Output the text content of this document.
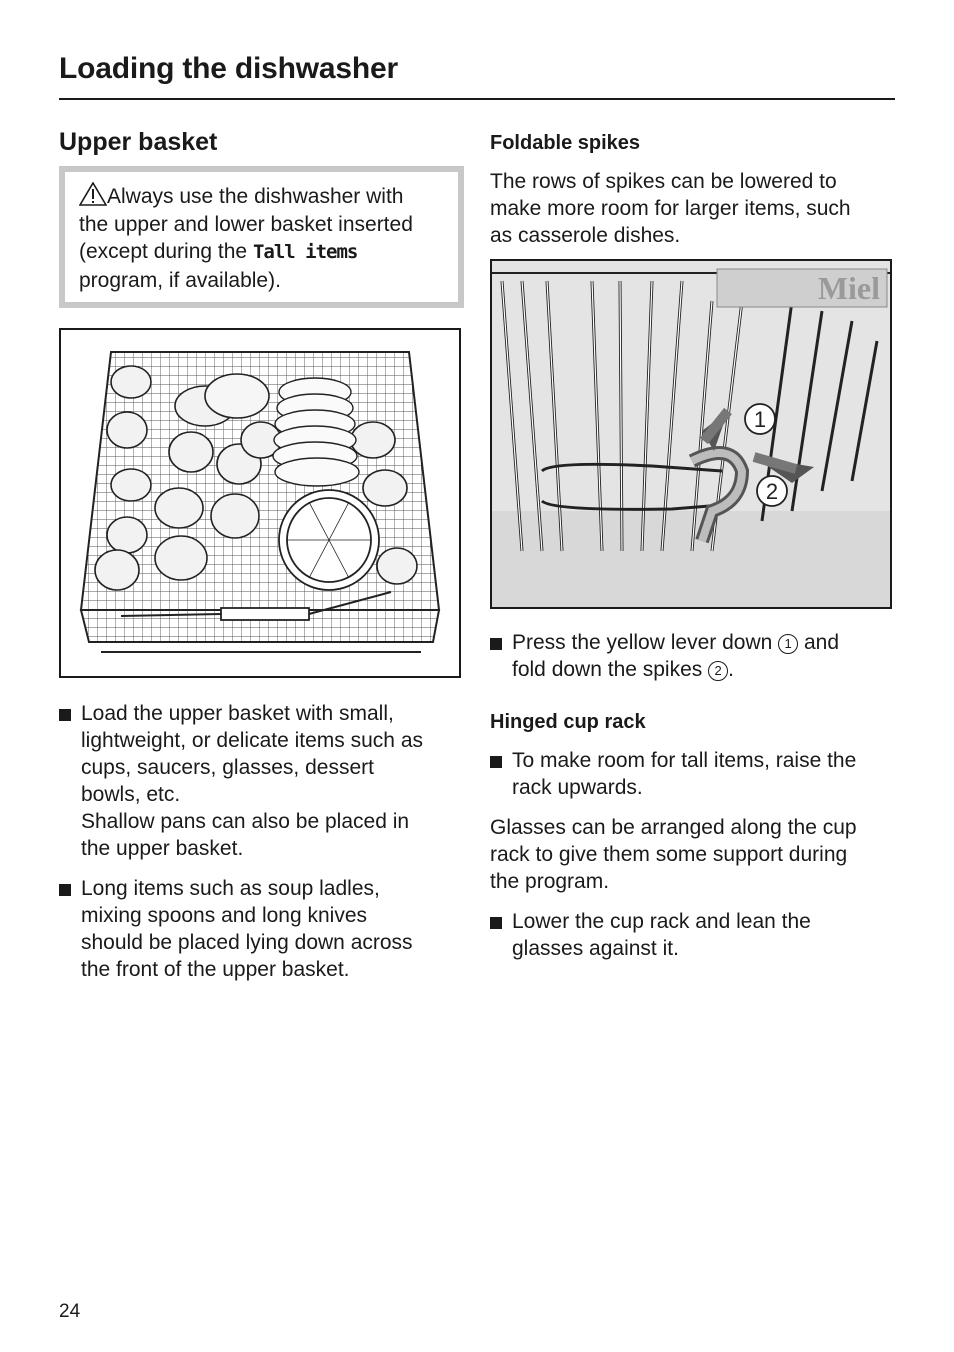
Loading the dishwasher
Upper basket
Always use the dishwasher with
the upper and lower basket inserted
(except during the Tall items
program, if available).
Load the upper basket with small,
lightweight, or delicate items such as
cups, saucers, glasses, dessert
bowls, etc.
Shallow pans can also be placed in
the upper basket.
Long items such as soup ladles,
mixing spoons and long knives
should be placed lying down across
the front of the upper basket.
Foldable spikes

The rows of spikes can be lowered to
make more room for larger items, such
as casserole dishes.

Miel
1
2
Press the yellow lever down 1 and
fold down the spikes 2 .
Hinged cup rack
To make room for tall items, raise the
rack upwards.

Glasses can be arranged along the cup
rack to give them some support during
the program.

Lower the cup rack and lean the
glasses against it.
24
